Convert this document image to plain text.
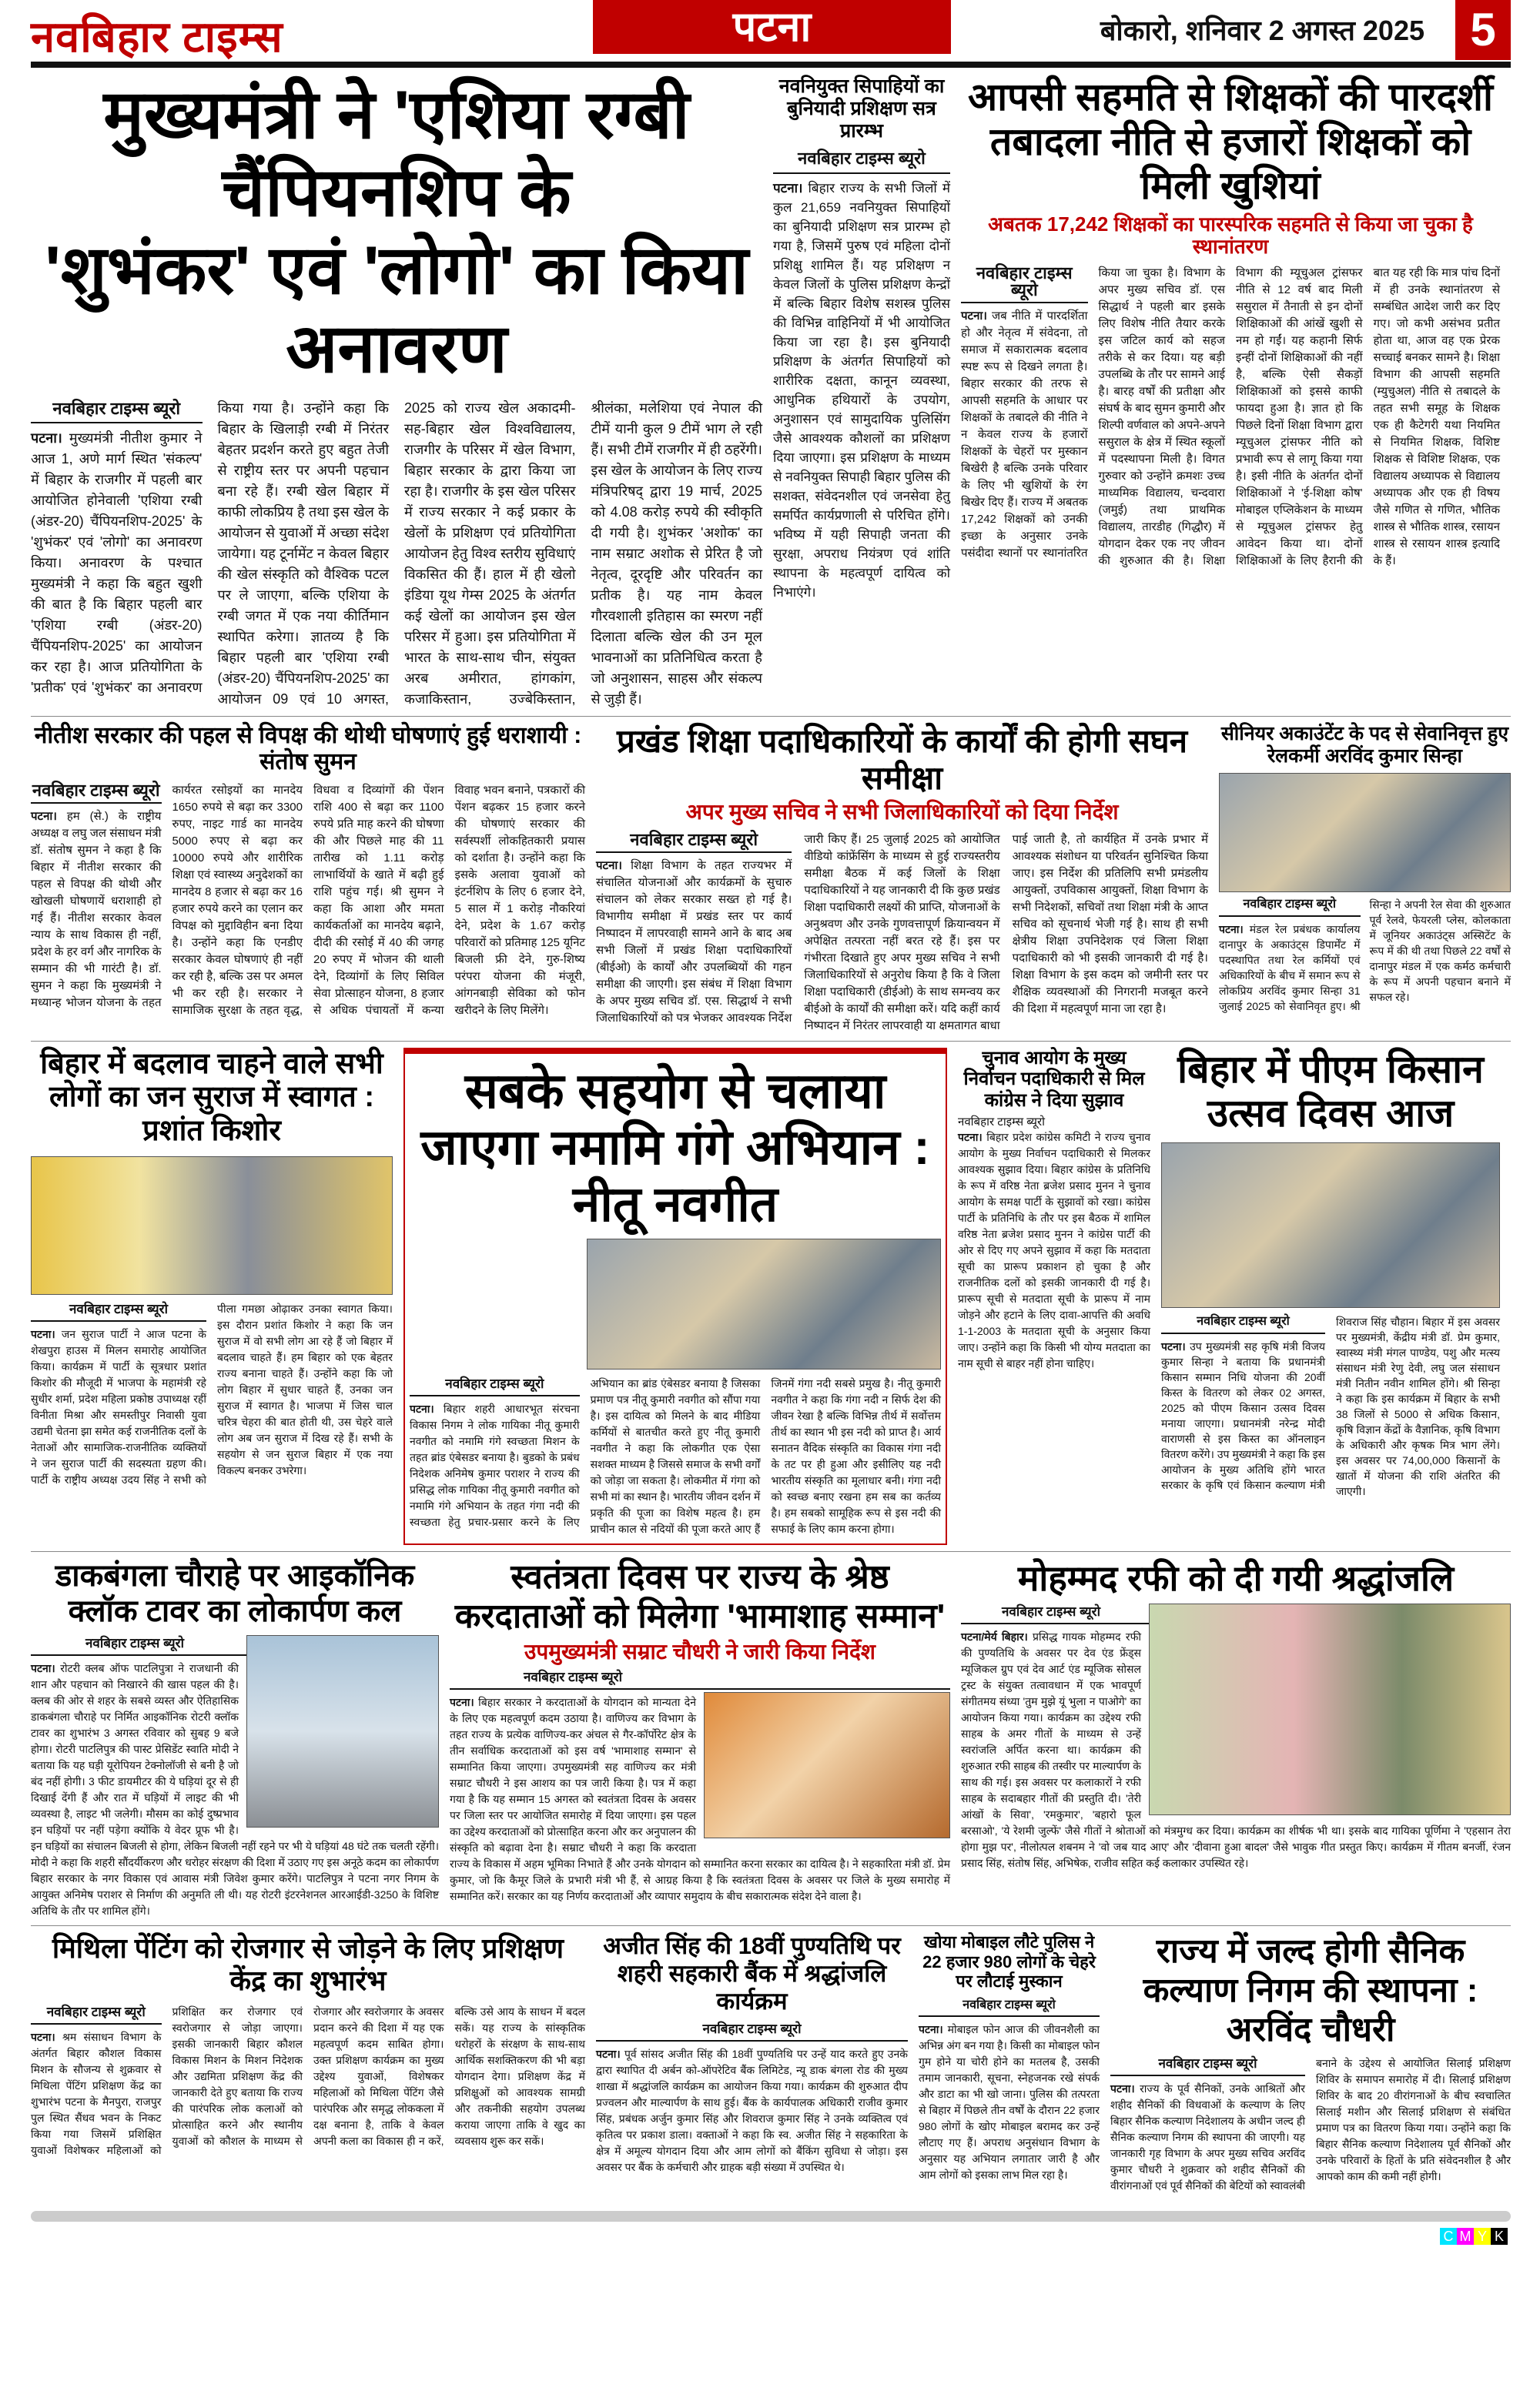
नवबिहार टाइम्स	पटना	बोकारो, शनिवार 2 अगस्त 2025 5
मुख्यमंत्री ने 'एशिया रग्बी चैंपियनशिप के
'शुभंकर' एवं 'लोगो' का किया अनावरण
नवबिहार टाइम्स ब्यूरो
पटना। मुख्यमंत्री नीतीश कुमार ने आज 1, अणे मार्ग स्थित 'संकल्प' में बिहार के राजगीर में पहली बार आयोजित होनेवाली 'एशिया रग्बी (अंडर-20) चैंपियनशिप-2025' के 'शुभंकर' एवं 'लोगो' का अनावरण किया। अनावरण के पश्चात मुख्यमंत्री ने कहा कि बहुत खुशी की बात है कि बिहार पहली बार 'एशिया रग्बी (अंडर-20) चैंपियनशिप-2025' का आयोजन कर रहा है। आज प्रतियोगिता के 'प्रतीक' एवं 'शुभंकर' का अनावरण किया गया है। उन्होंने कहा कि बिहार के खिलाड़ी रग्बी में निरंतर बेहतर प्रदर्शन करते हुए बहुत तेजी से राष्ट्रीय स्तर पर अपनी पहचान बना रहे हैं। रग्बी खेल बिहार में काफी लोकप्रिय है तथा इस खेल के आयोजन से युवाओं में अच्छा संदेश जायेगा। यह टूर्नामेंट न केवल बिहार की खेल संस्कृति को वैश्विक पटल पर ले जाएगा, बल्कि एशिया के रग्बी जगत में एक नया कीर्तिमान स्थापित करेगा। ज्ञातव्य है कि बिहार पहली बार 'एशिया रग्बी (अंडर-20) चैंपियनशिप-2025' का आयोजन 09 एवं 10 अगस्त, 2025 को राज्य खेल अकादमी-सह-बिहार खेल विश्वविद्यालय, राजगीर के परिसर में खेल विभाग, बिहार सरकार के द्वारा किया जा रहा है। राजगीर के इस खेल परिसर में राज्य सरकार ने कई प्रकार के खेलों के प्रशिक्षण एवं प्रतियोगिता आयोजन हेतु विश्व स्तरीय सुविधाएं विकसित की हैं। हाल में ही खेलो इंडिया यूथ गेम्स 2025 के अंतर्गत कई खेलों का आयोजन इस खेल परिसर में हुआ। इस प्रतियोगिता में भारत के साथ-साथ चीन, संयुक्त अरब अमीरात, हांगकांग, कजाकिस्तान, उज्बेकिस्तान, श्रीलंका, मलेशिया एवं नेपाल की टीमें यानी कुल 9 टीमें भाग ले रही हैं। सभी टीमें राजगीर में ही ठहरेंगी। इस खेल के आयोजन के लिए राज्य मंत्रिपरिषद् द्वारा 19 मार्च, 2025 को 4.08 करोड़ रुपये की स्वीकृति दी गयी है। शुभंकर 'अशोक' का नाम सम्राट अशोक से प्रेरित है जो नेतृत्व, दूरदृष्टि और परिवर्तन का प्रतीक है। यह नाम केवल गौरवशाली इतिहास का स्मरण नहीं दिलाता बल्कि खेल की उन मूल भावनाओं का प्रतिनिधित्व करता है जो अनुशासन, साहस और संकल्प से जुड़ी हैं।
नवनियुक्त सिपाहियों का बुनियादी प्रशिक्षण सत्र प्रारम्भ
नवबिहार टाइम्स ब्यूरो
पटना। बिहार राज्य के सभी जिलों में कुल 21,659 नवनियुक्त सिपाहियों का बुनियादी प्रशिक्षण सत्र प्रारम्भ हो गया है, जिसमें पुरुष एवं महिला दोनों प्रशिक्षु शामिल हैं। यह प्रशिक्षण न केवल जिलों के पुलिस प्रशिक्षण केन्द्रों में बल्कि बिहार विशेष सशस्त्र पुलिस की विभिन्न वाहिनियों में भी आयोजित किया जा रहा है। इस बुनियादी प्रशिक्षण के अंतर्गत सिपाहियों को शारीरिक दक्षता, कानून व्यवस्था, आधुनिक हथियारों के उपयोग, अनुशासन एवं सामुदायिक पुलिसिंग जैसे आवश्यक कौशलों का प्रशिक्षण दिया जाएगा। इस प्रशिक्षण के माध्यम से नवनियुक्त सिपाही बिहार पुलिस की सशक्त, संवेदनशील एवं जनसेवा हेतु समर्पित कार्यप्रणाली से परिचित होंगे। भविष्य में यही सिपाही जनता की सुरक्षा, अपराध नियंत्रण एवं शांति स्थापना के महत्वपूर्ण दायित्व को निभाएंगे।
आपसी सहमति से शिक्षकों की पारदर्शी तबादला नीति से हजारों शिक्षकों को मिली खुशियां
अबतक 17,242 शिक्षकों का पारस्परिक सहमति से किया जा चुका है स्थानांतरण
नवबिहार टाइम्स ब्यूरो
पटना। जब नीति में पारदर्शिता हो और नेतृत्व में संवेदना, तो समाज में सकारात्मक बदलाव स्पष्ट रूप से दिखने लगता है। बिहार सरकार की तरफ से आपसी सहमति के आधार पर शिक्षकों के तबादले की नीति ने न केवल राज्य के हजारों शिक्षकों के चेहरों पर मुस्कान बिखेरी है बल्कि उनके परिवार के लिए भी खुशियों के रंग बिखेर दिए हैं। राज्य में अबतक 17,242 शिक्षकों को उनकी इच्छा के अनुसार उनके पसंदीदा स्थानों पर स्थानांतरित किया जा चुका है। विभाग के अपर मुख्य सचिव डॉ. एस सिद्धार्थ ने पहली बार इसके लिए विशेष नीति तैयार करके इस जटिल कार्य को सहज तरीके से कर दिया। यह बड़ी उपलब्धि के तौर पर सामने आई है। बारह वर्षों की प्रतीक्षा और संघर्ष के बाद सुमन कुमारी और शिल्पी वर्णवाल को अपने-अपने ससुराल के क्षेत्र में स्थित स्कूलों में पदस्थापना मिली है। विगत गुरुवार को उन्होंने क्रमशः उच्च माध्यमिक विद्यालय, चन्दवारा (जमुई) तथा प्राथमिक विद्यालय, तारडीह (गिद्धौर) में योगदान देकर एक नए जीवन की शुरुआत की है। शिक्षा विभाग की म्यूचुअल ट्रांसफर नीति से 12 वर्ष बाद मिली ससुराल में तैनाती से इन दोनों शिक्षिकाओं की आंखें खुशी से नम हो गईं। यह कहानी सिर्फ इन्हीं दोनों शिक्षिकाओं की नहीं है, बल्कि ऐसी सैकड़ों शिक्षिकाओं को इससे काफी फायदा हुआ है। ज्ञात हो कि पिछले दिनों शिक्षा विभाग द्वारा म्यूचुअल ट्रांसफर नीति को प्रभावी रूप से लागू किया गया है। इसी नीति के अंतर्गत दोनों शिक्षिकाओं ने 'ई-शिक्षा कोष' मोबाइल एप्लिकेशन के माध्यम से म्यूचुअल ट्रांसफर हेतु आवेदन किया था। दोनों शिक्षिकाओं के लिए हैरानी की बात यह रही कि मात्र पांच दिनों में ही उनके स्थानांतरण से सम्बंधित आदेश जारी कर दिए गए। जो कभी असंभव प्रतीत होता था, आज वह एक प्रेरक सच्चाई बनकर सामने है। शिक्षा विभाग की आपसी सहमति (म्युचुअल) नीति से तबादले के तहत सभी समूह के शिक्षक एक ही कैटेगरी यथा नियमित से नियमित शिक्षक, विशिष्ट शिक्षक से विशिष्ट शिक्षक, एक विद्यालय अध्यापक से विद्यालय अध्यापक और एक ही विषय जैसे गणित से गणित, भौतिक शास्त्र से भौतिक शास्त्र, रसायन शास्त्र से रसायन शास्त्र इत्यादि के हैं।
नीतीश सरकार की पहल से विपक्ष की थोथी घोषणाएं हुई धराशायी : संतोष सुमन
नवबिहार टाइम्स ब्यूरो
पटना। हम (से.) के राष्ट्रीय अध्यक्ष व लघु जल संसाधन मंत्री डॉ. संतोष सुमन ने कहा है कि बिहार में नीतीश सरकार की पहल से विपक्ष की थोथी और खोखली घोषणायें धराशाही हो गई हैं। नीतीश सरकार केवल न्याय के साथ विकास ही नहीं, प्रदेश के हर वर्ग और नागरिक के सम्मान की भी गारंटी है। डॉ. सुमन ने कहा कि मुख्यमंत्री ने मध्यान्ह भोजन योजना के तहत कार्यरत रसोइयों का मानदेय 1650 रुपये से बढ़ा कर 3300 रुपए, नाइट गार्ड का मानदेय 5000 रुपए से बढ़ा कर 10000 रुपये और शारीरिक शिक्षा एवं स्वास्थ्य अनुदेशकों का मानदेय 8 हजार से बढ़ा कर 16 हजार रुपये करने का एलान कर विपक्ष को मुद्दाविहीन बना दिया है। उन्होंने कहा कि एनडीए सरकार केवल घोषणाएं ही नहीं कर रही है, बल्कि उस पर अमल भी कर रही है। सरकार ने सामाजिक सुरक्षा के तहत वृद्ध, विधवा व दिव्यांगों की पेंशन राशि 400 से बढ़ा कर 1100 रुपये प्रति माह करने की घोषणा की और पिछले माह की 11 तारीख को 1.11 करोड़ लाभार्थियों के खाते में बढ़ी हुई राशि पहुंच गई। श्री सुमन ने कहा कि आशा और ममता कार्यकर्ताओं का मानदेय बढ़ाने, दीदी की रसोई में 40 की जगह 20 रुपए में भोजन की थाली देने, दिव्यांगों के लिए सिविल सेवा प्रोत्साहन योजना, 8 हजार से अधिक पंचायतों में कन्या विवाह भवन बनाने, पत्रकारों की पेंशन बढ़कर 15 हजार करने की घोषणाएं सरकार की सर्वस्पर्शी लोकहितकारी प्रयास को दर्शाता है। उन्होंने कहा कि इसके अलावा युवाओं को इंटर्नशिप के लिए 6 हजार देने, 5 साल में 1 करोड़ नौकरियां देने, प्रदेश के 1.67 करोड़ परिवारों को प्रतिमाह 125 यूनिट बिजली फ्री देने, गुरु-शिष्य परंपरा योजना की मंजूरी, आंगनबाड़ी सेविका को फोन खरीदने के लिए मिलेंगे।
प्रखंड शिक्षा पदाधिकारियों के कार्यों की होगी सघन समीक्षा
अपर मुख्य सचिव ने सभी जिलाधिकारियों को दिया निर्देश
नवबिहार टाइम्स ब्यूरो
पटना। शिक्षा विभाग के तहत राज्यभर में संचालित योजनाओं और कार्यक्रमों के सुचारु संचालन को लेकर सरकार सख्त हो गई है। विभागीय समीक्षा में प्रखंड स्तर पर कार्य निष्पादन में लापरवाही सामने आने के बाद अब सभी जिलों में प्रखंड शिक्षा पदाधिकारियों (बीईओ) के कार्यों और उपलब्धियों की गहन समीक्षा की जाएगी। इस संबंध में शिक्षा विभाग के अपर मुख्य सचिव डॉ. एस. सिद्धार्थ ने सभी जिलाधिकारियों को पत्र भेजकर आवश्यक निर्देश जारी किए हैं। 25 जुलाई 2025 को आयोजित वीडियो कांफ्रेंसिंग के माध्यम से हुई राज्यस्तरीय समीक्षा बैठक में कई जिलों के शिक्षा पदाधिकारियों ने यह जानकारी दी कि कुछ प्रखंड शिक्षा पदाधिकारी लक्ष्यों की प्राप्ति, योजनाओं के अनुश्रवण और उनके गुणवत्तापूर्ण क्रियान्वयन में अपेक्षित तत्परता नहीं बरत रहे हैं। इस पर गंभीरता दिखाते हुए अपर मुख्य सचिव ने सभी जिलाधिकारियों से अनुरोध किया है कि वे जिला शिक्षा पदाधिकारी (डीईओ) के साथ समन्वय कर बीईओ के कार्यों की समीक्षा करें। यदि कहीं कार्य निष्पादन में निरंतर लापरवाही या क्षमतागत बाधा पाई जाती है, तो कार्यहित में उनके प्रभार में आवश्यक संशोधन या परिवर्तन सुनिश्चित किया जाए। इस निर्देश की प्रतिलिपि सभी प्रमंडलीय आयुक्तों, उपविकास आयुक्तों, शिक्षा विभाग के सभी निदेशकों, सचिवों तथा शिक्षा मंत्री के आप्त सचिव को सूचनार्थ भेजी गई है। साथ ही सभी क्षेत्रीय शिक्षा उपनिदेशक एवं जिला शिक्षा पदाधिकारी को भी इसकी जानकारी दी गई है। शिक्षा विभाग के इस कदम को जमीनी स्तर पर शैक्षिक व्यवस्थाओं की निगरानी मजबूत करने की दिशा में महत्वपूर्ण माना जा रहा है।
सीनियर अकाउंटेंट के पद से सेवानिवृत्त हुए रेलकर्मी अरविंद कुमार सिन्हा
नवबिहार टाइम्स ब्यूरो
पटना। मंडल रेल प्रबंधक कार्यालय दानापुर के अकाउंट्स डिपार्मेंट में पदस्थापित तथा रेल कर्मियों एवं अधिकारियों के बीच में समान रूप से लोकप्रिय अरविंद कुमार सिन्हा 31 जुलाई 2025 को सेवानिवृत हुए। श्री सिन्हा ने अपनी रेल सेवा की शुरुआत पूर्व रेलवे, फेयरली प्लेस, कोलकाता में जूनियर अकाउंट्स अस्सिटेंट के रूप में की थी तथा पिछले 22 वर्षों से दानापुर मंडल में एक कर्मठ कर्मचारी के रूप में अपनी पहचान बनाने में सफल रहे।
बिहार में बदलाव चाहने वाले सभी लोगों का जन सुराज में स्वागत : प्रशांत किशोर
नवबिहार टाइम्स ब्यूरो
पटना। जन सुराज पार्टी ने आज पटना के शेखपुरा हाउस में मिलन समारोह आयोजित किया। कार्यक्रम में पार्टी के सूत्रधार प्रशांत किशोर की मौजूदी में भाजपा के महामंत्री रहे सुधीर शर्मा, प्रदेश महिला प्रकोष्ठ उपाध्यक्ष रहीं विनीता मिश्रा और समस्तीपुर निवासी युवा उद्यमी चेतना झा समेत कई राजनीतिक दलों के नेताओं और सामाजिक-राजनीतिक व्यक्तियों ने जन सुराज पार्टी की सदस्यता ग्रहण की। पार्टी के राष्ट्रीय अध्यक्ष उदय सिंह ने सभी को पीला गमछा ओढ़ाकर उनका स्वागत किया। इस दौरान प्रशांत किशोर ने कहा कि जन सुराज में वो सभी लोग आ रहे हैं जो बिहार में बदलाव चाहते हैं। हम बिहार को एक बेहतर राज्य बनाना चाहते हैं। उन्होंने कहा कि जो लोग बिहार में सुधार चाहते हैं, उनका जन सुराज में स्वागत है। भाजपा में जिस चाल चरित्र चेहरा की बात होती थी, उस चेहरे वाले लोग अब जन सुराज में दिख रहे हैं। सभी के सहयोग से जन सुराज बिहार में एक नया विकल्प बनकर उभरेगा।
सबके सहयोग से चलाया जाएगा नमामि गंगे अभियान : नीतू नवगीत
नवबिहार टाइम्स ब्यूरो
पटना। बिहार शहरी आधारभूत संरचना विकास निगम ने लोक गायिका नीतू कुमारी नवगीत को नमामि गंगे स्वच्छता मिशन के तहत ब्रांड एंबेसडर बनाया है। बुडको के प्रबंध निदेशक अनिमेष कुमार पराशर ने राज्य की प्रसिद्ध लोक गायिका नीतू कुमारी नवगीत को नमामि गंगे अभियान के तहत गंगा नदी की स्वच्छता हेतु प्रचार-प्रसार करने के लिए अभियान का ब्रांड एंबेसडर बनाया है जिसका प्रमाण पत्र नीतू कुमारी नवगीत को सौंपा गया है। इस दायित्व को मिलने के बाद मीडिया कर्मियों से बातचीत करते हुए नीतू कुमारी नवगीत ने कहा कि लोकगीत एक ऐसा सशक्त माध्यम है जिससे समाज के सभी वर्गों को जोड़ा जा सकता है। लोकमीत में गंगा को सभी मां का स्थान है। भारतीय जीवन दर्शन में प्रकृति की पूजा का विशेष महत्व है। हम प्राचीन काल से नदियों की पूजा करते आए हैं जिनमें गंगा नदी सबसे प्रमुख है। नीतू कुमारी नवगीत ने कहा कि गंगा नदी न सिर्फ देश की जीवन रेखा है बल्कि विभिन्न तीर्थ में सर्वोत्तम तीर्थ का स्थान भी इस नदी को प्राप्त है। आर्य सनातन वैदिक संस्कृति का विकास गंगा नदी के तट पर ही हुआ और इसीलिए यह नदी भारतीय संस्कृति का मूलाधार बनी। गंगा नदी को स्वच्छ बनाए रखना हम सब का कर्तव्य है। हम सबको सामूहिक रूप से इस नदी की सफाई के लिए काम करना होगा।
चुनाव आयोग के मुख्य निर्वाचन पदाधिकारी से मिल कांग्रेस ने दिया सुझाव
नवबिहार टाइम्स ब्यूरो
पटना। बिहार प्रदेश कांग्रेस कमिटी ने राज्य चुनाव आयोग के मुख्य निर्वाचन पदाधिकारी से मिलकर आवश्यक सुझाव दिया। बिहार कांग्रेस के प्रतिनिधि के रूप में वरिष्ठ नेता ब्रजेश प्रसाद मुनन ने चुनाव आयोग के समक्ष पार्टी के सुझावों को रखा। कांग्रेस पार्टी के प्रतिनिधि के तौर पर इस बैठक में शामिल वरिष्ठ नेता ब्रजेश प्रसाद मुनन ने कांग्रेस पार्टी की ओर से दिए गए अपने सुझाव में कहा कि मतदाता सूची का प्रारूप प्रकाशन हो चुका है और राजनीतिक दलों को इसकी जानकारी दी गई है। प्रारूप सूची से मतदाता सूची के प्रारूप में नाम जोड़ने और हटाने के लिए दावा-आपत्ति की अवधि 1-1-2003 के मतदाता सूची के अनुसार किया जाए। उन्होंने कहा कि किसी भी योग्य मतदाता का नाम सूची से बाहर नहीं होना चाहिए।
बिहार में पीएम किसान उत्सव दिवस आज
नवबिहार टाइम्स ब्यूरो
पटना। उप मुख्यमंत्री सह कृषि मंत्री विजय कुमार सिन्हा ने बताया कि प्रधानमंत्री किसान सम्मान निधि योजना की 20वीं किस्त के वितरण को लेकर 02 अगस्त, 2025 को पीएम किसान उत्सव दिवस मनाया जाएगा। प्रधानमंत्री नरेन्द्र मोदी वाराणसी से इस किस्त का ऑनलाइन वितरण करेंगे। उप मुख्यमंत्री ने कहा कि इस आयोजन के मुख्य अतिथि होंगे भारत सरकार के कृषि एवं किसान कल्याण मंत्री शिवराज सिंह चौहान। बिहार में इस अवसर पर मुख्यमंत्री, केंद्रीय मंत्री डॉ. प्रेम कुमार, स्वास्थ्य मंत्री मंगल पाण्डेय, पशु और मत्स्य संसाधन मंत्री रेणु देवी, लघु जल संसाधन मंत्री नितीन नवीन शामिल होंगे। श्री सिन्हा ने कहा कि इस कार्यक्रम में बिहार के सभी 38 जिलों से 5000 से अधिक किसान, कृषि विज्ञान केंद्रों के वैज्ञानिक, कृषि विभाग के अधिकारी और कृषक मित्र भाग लेंगे। इस अवसर पर 74,00,000 किसानों के खातों में योजना की राशि अंतरित की जाएगी।
डाकबंगला चौराहे पर आइकॉनिक क्लॉक टावर का लोकार्पण कल
नवबिहार टाइम्स ब्यूरो
पटना। रोटरी क्लब ऑफ पाटलिपुत्रा ने राजधानी की शान और पहचान को निखारने की खास पहल की है। क्लब की ओर से शहर के सबसे व्यस्त और ऐतिहासिक डाकबंगला चौराहे पर निर्मित आइकॉनिक रोटरी क्लॉक टावर का शुभारंभ 3 अगस्त रविवार को सुबह 9 बजे होगा। रोटरी पाटलिपुत्र की पास्ट प्रेसिडेंट स्वाति मोदी ने बताया कि यह घड़ी यूरोपियन टेक्नोलॉजी से बनी है जो बंद नहीं होगी। 3 फीट डायमीटर की ये घड़ियां दूर से ही दिखाई देंगी हैं और रात में घड़ियों में लाइट की भी व्यवस्था है, लाइट भी जलेगी। मौसम का कोई दुष्प्रभाव इन घड़ियों पर नहीं पड़ेगा क्योंकि ये वेदर प्रूफ भी है। इन घड़ियों का संचालन बिजली से होगा, लेकिन बिजली नहीं रहने पर भी ये घड़ियां 48 घंटे तक चलती रहेंगी। मोदी ने कहा कि शहरी सौंदर्यीकरण और धरोहर संरक्षण की दिशा में उठाए गए इस अनूठे कदम का लोकार्पण बिहार सरकार के नगर विकास एवं आवास मंत्री जिवेश कुमार करेंगे। पाटलिपुत्र ने पटना नगर निगम के आयुक्त अनिमेष पराशर से निर्माण की अनुमति ली थी। यह रोटरी इंटरनेशनल आरआईडी-3250 के विशिष्ट अतिथि के तौर पर शामिल होंगे।
स्वतंत्रता दिवस पर राज्य के श्रेष्ठ करदाताओं को मिलेगा 'भामाशाह सम्मान'
उपमुख्यमंत्री सम्राट चौधरी ने जारी किया निर्देश
नवबिहार टाइम्स ब्यूरो
पटना। बिहार सरकार ने करदाताओं के योगदान को मान्यता देने के लिए एक महत्वपूर्ण कदम उठाया है। वाणिज्य कर विभाग के तहत राज्य के प्रत्येक वाणिज्य-कर अंचल से गैर-कॉर्पोरेट क्षेत्र के तीन सर्वाधिक करदाताओं को इस वर्ष 'भामाशाह सम्मान' से सम्मानित किया जाएगा। उपमुख्यमंत्री सह वाणिज्य कर मंत्री सम्राट चौधरी ने इस आशय का पत्र जारी किया है। पत्र में कहा गया है कि यह सम्मान 15 अगस्त को स्वतंत्रता दिवस के अवसर पर जिला स्तर पर आयोजित समारोह में दिया जाएगा। इस पहल का उद्देश्य करदाताओं को प्रोत्साहित करना और कर अनुपालन की संस्कृति को बढ़ावा देना है। सम्राट चौधरी ने कहा कि करदाता राज्य के विकास में अहम भूमिका निभाते हैं और उनके योगदान को सम्मानित करना सरकार का दायित्व है। ने सहकारिता मंत्री डॉ. प्रेम कुमार, जो कि कैमूर जिले के प्रभारी मंत्री भी हैं, से आग्रह किया है कि स्वतंत्रता दिवस के अवसर पर जिले के मुख्य समारोह में सम्मानित करें। सरकार का यह निर्णय करदाताओं और व्यापार समुदाय के बीच सकारात्मक संदेश देने वाला है।
मोहम्मद रफी को दी गयी श्रद्धांजलि
नवबिहार टाइम्स ब्यूरो
पटना/मेर्य बिहार। प्रसिद्ध गायक मोहम्मद रफी की पुण्यतिथि के अवसर पर देव एंड फ्रेंड्स म्यूजिकल ग्रुप एवं देव आर्ट एंड म्यूजिक सोसल ट्रस्ट के संयुक्त तत्वावधान में एक भावपूर्ण संगीतमय संध्या 'तुम मुझे यूं भुला न पाओगे' का आयोजन किया गया। कार्यक्रम का उद्देश्य रफी साहब के अमर गीतों के माध्यम से उन्हें स्वरांजलि अर्पित करना था। कार्यक्रम की शुरुआत रफी साहब की तस्वीर पर माल्यार्पण के साथ की गई। इस अवसर पर कलाकारों ने रफी साहब के सदाबहार गीतों की प्रस्तुति दी। 'तेरी आंखों के सिवा', 'रमकुमार', 'बहारो फूल बरसाओ', 'ये रेशमी जुल्फें' जैसे गीतों ने श्रोताओं को मंत्रमुग्ध कर दिया। कार्यक्रम का शीर्षक भी था। इसके बाद गायिका पूर्णिमा ने 'एहसान तेरा होगा मुझ पर', नीलोत्पल शबनम ने 'वो जब याद आए' और 'दीवाना हुआ बादल' जैसे भावुक गीत प्रस्तुत किए। कार्यक्रम में गीतम बनर्जी, रंजन प्रसाद सिंह, संतोष सिंह, अभिषेक, राजीव सहित कई कलाकार उपस्थित रहे।
मिथिला पेंटिंग को रोजगार से जोड़ने के लिए प्रशिक्षण केंद्र का शुभारंभ
नवबिहार टाइम्स ब्यूरो
पटना। श्रम संसाधन विभाग के अंतर्गत बिहार कौशल विकास मिशन के सौजन्य से शुक्रवार से मिथिला पेंटिंग प्रशिक्षण केंद्र का शुभारंभ पटना के मैनपुरा, राजपुर पुल स्थित सैंधव भवन के निकट किया गया जिसमें प्रशिक्षित युवाओं विशेषकर महिलाओं को प्रशिक्षित कर रोजगार एवं स्वरोजगार से जोड़ा जाएगा। इसकी जानकारी बिहार कौशल विकास मिशन के मिशन निदेशक और उद्यमिता प्रशिक्षण केंद्र की जानकारी देते हुए बताया कि राज्य की पारंपरिक लोक कलाओं को प्रोत्साहित करने और स्थानीय युवाओं को कौशल के माध्यम से रोजगार और स्वरोजगार के अवसर प्रदान करने की दिशा में यह एक महत्वपूर्ण कदम साबित होगा। उक्त प्रशिक्षण कार्यक्रम का मुख्य उद्देश्य युवाओं, विशेषकर महिलाओं को मिथिला पेंटिंग जैसे पारंपरिक और समृद्ध लोककला में दक्ष बनाना है, ताकि वे केवल अपनी कला का विकास ही न करें, बल्कि उसे आय के साधन में बदल सकें। यह राज्य के सांस्कृतिक धरोहरों के संरक्षण के साथ-साथ आर्थिक सशक्तिकरण की भी बड़ा योगदान देगा। प्रशिक्षण केंद्र में प्रशिक्षुओं को आवश्यक सामग्री और तकनीकी सहयोग उपलब्ध कराया जाएगा ताकि वे खुद का व्यवसाय शुरू कर सकें।
अजीत सिंह की 18वीं पुण्यतिथि पर शहरी सहकारी बैंक में श्रद्धांजलि कार्यक्रम
नवबिहार टाइम्स ब्यूरो
पटना। पूर्व सांसद अजीत सिंह की 18वीं पुण्यतिथि पर उन्हें याद करते हुए उनके द्वारा स्थापित दी अर्बन को-ऑपरेटिव बैंक लिमिटेड, न्यू डाक बंगला रोड की मुख्य शाखा में श्रद्धांजलि कार्यक्रम का आयोजन किया गया। कार्यक्रम की शुरुआत दीप प्रज्वलन और माल्यार्पण के साथ हुई। बैंक के कार्यपालक अधिकारी राजीव कुमार सिंह, प्रबंधक अर्जुन कुमार सिंह और शिवराज कुमार सिंह ने उनके व्यक्तित्व एवं कृतित्व पर प्रकाश डाला। वक्ताओं ने कहा कि स्व. अजीत सिंह ने सहकारिता के क्षेत्र में अमूल्य योगदान दिया और आम लोगों को बैंकिंग सुविधा से जोड़ा। इस अवसर पर बैंक के कर्मचारी और ग्राहक बड़ी संख्या में उपस्थित थे।
खोया मोबाइल लौटे पुलिस ने 22 हजार 980 लोगों के चेहरे पर लौटाई मुस्कान
नवबिहार टाइम्स ब्यूरो
पटना। मोबाइल फोन आज की जीवनशैली का अभिन्न अंग बन गया है। किसी का मोबाइल फोन गुम होने या चोरी होने का मतलब है, उसकी तमाम जानकारी, सूचना, स्नेहजनक रखे संपर्क और डाटा का भी खो जाना। पुलिस की तत्परता से बिहार में पिछले तीन वर्षों के दौरान 22 हजार 980 लोगों के खोए मोबाइल बरामद कर उन्हें लौटाए गए हैं। अपराध अनुसंधान विभाग के अनुसार यह अभियान लगातार जारी है और आम लोगों को इसका लाभ मिल रहा है।
राज्य में जल्द होगी सैनिक कल्याण निगम की स्थापना : अरविंद चौधरी
नवबिहार टाइम्स ब्यूरो
पटना। राज्य के पूर्व सैनिकों, उनके आश्रितों और शहीद सैनिकों की विधवाओं के कल्याण के लिए बिहार सैनिक कल्याण निदेशालय के अधीन जल्द ही सैनिक कल्याण निगम की स्थापना की जाएगी। यह जानकारी गृह विभाग के अपर मुख्य सचिव अरविंद कुमार चौधरी ने शुक्रवार को शहीद सैनिकों की वीरांगनाओं एवं पूर्व सैनिकों की बेटियों को स्वावलंबी बनाने के उद्देश्य से आयोजित सिलाई प्रशिक्षण शिविर के समापन समारोह में दी। सिलाई प्रशिक्षण शिविर के बाद 20 वीरांगनाओं के बीच स्वचालित सिलाई मशीन और सिलाई प्रशिक्षण से संबंधित प्रमाण पत्र का वितरण किया गया। उन्होंने कहा कि बिहार सैनिक कल्याण निदेशालय पूर्व सैनिकों और उनके परिवारों के हितों के प्रति संवेदनशील है और आपको काम की कमी नहीं होगी।
C M Y K
